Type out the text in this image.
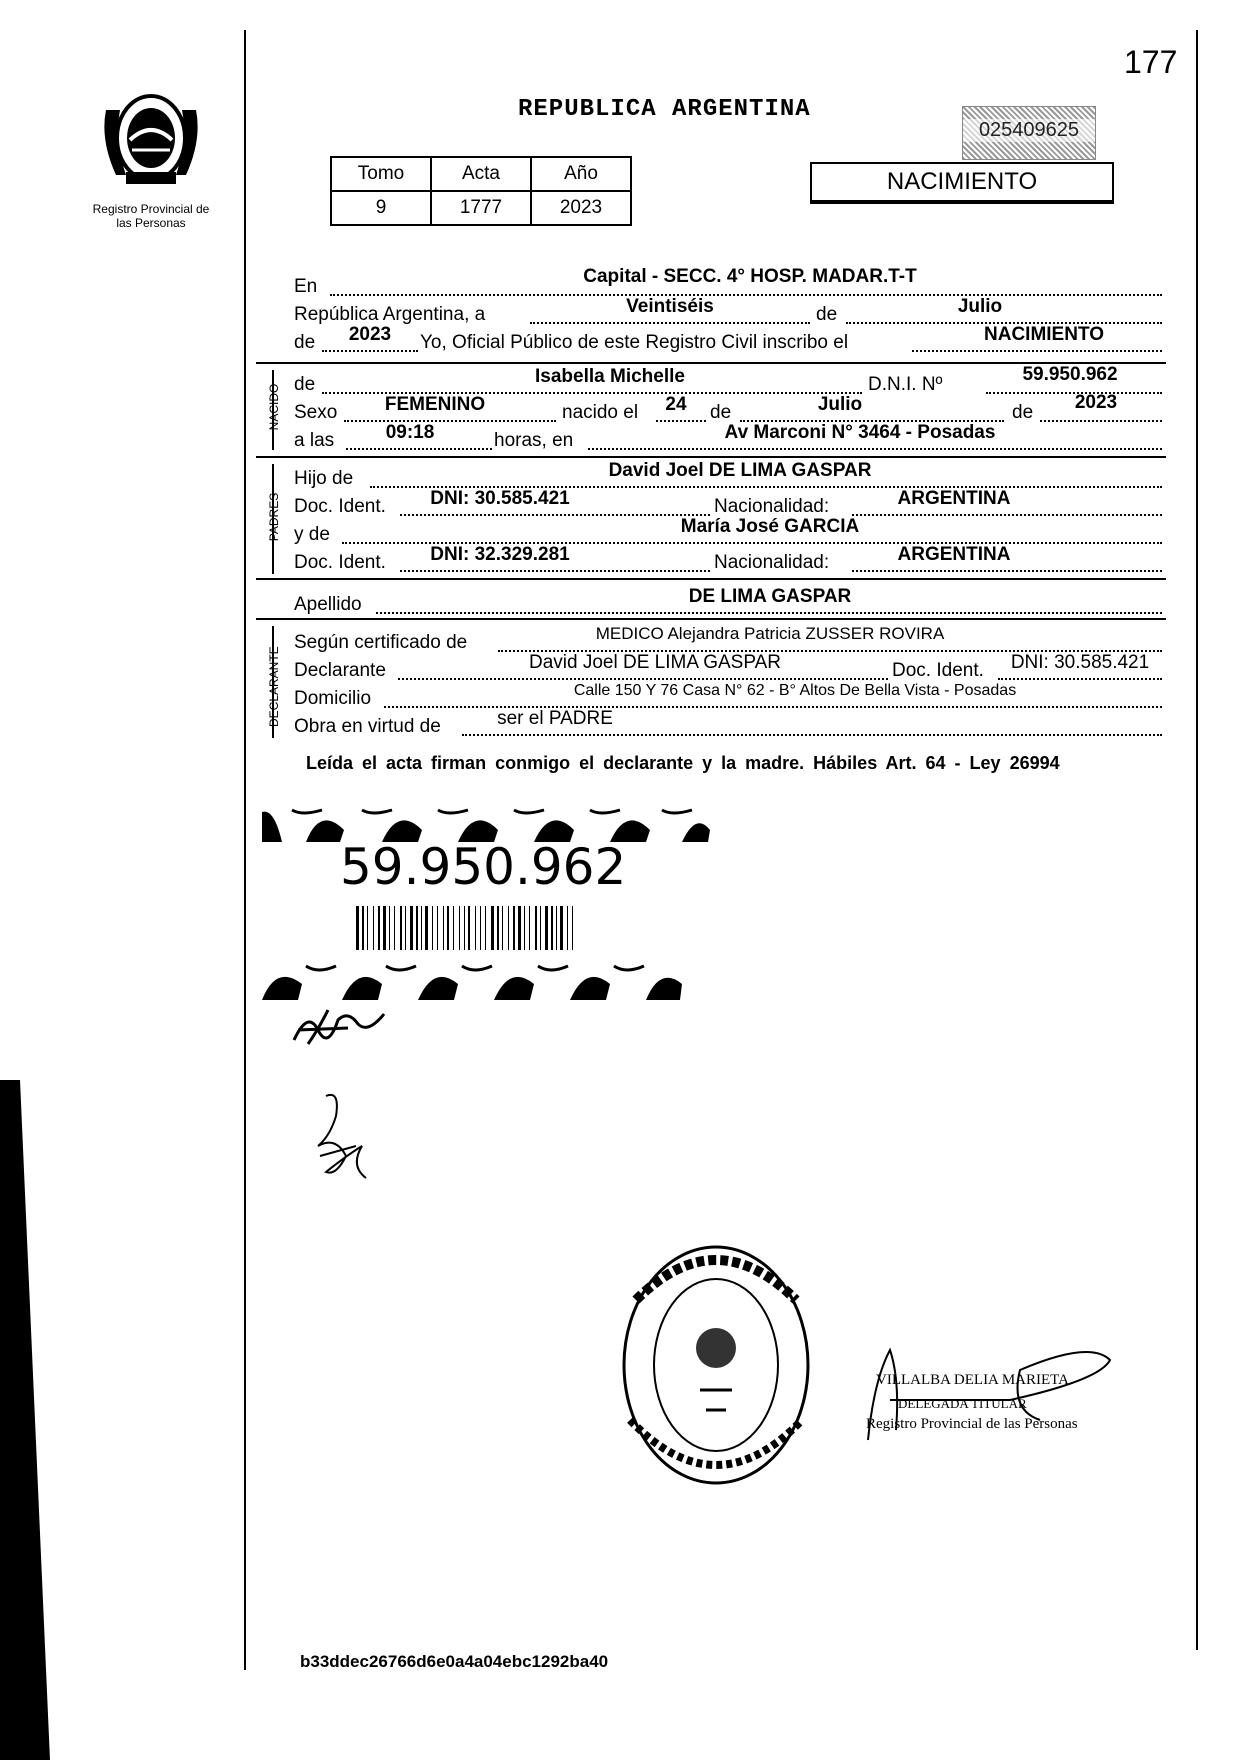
177
Registro Provincial de las Personas
REPUBLICA ARGENTINA
025409625
Tomo	Acta	Año
9	1777	2023
NACIMIENTO
En	Capital - SECC. 4° HOSP. MADAR.T-T
República Argentina, a	Veintiséis	de	Julio
de	2023	Yo, Oficial Público de este Registro Civil inscribo el	NACIMIENTO
NACIDO de	Isabella Michelle	D.N.I. Nº	59.950.962
Sexo	FEMENINO	nacido el	24	de	Julio	de	2023
a las	09:18	horas, en	Av Marconi N° 3464 - Posadas
PADRES
Hijo de	David Joel DE LIMA GASPAR
Doc. Ident.	DNI: 30.585.421	Nacionalidad:	ARGENTINA
y de	María José GARCIA
Doc. Ident.	DNI: 32.329.281	Nacionalidad:	ARGENTINA
Apellido	DE LIMA GASPAR
DECLARANTE
Según certificado de	MEDICO Alejandra Patricia ZUSSER ROVIRA
Declarante	David Joel DE LIMA GASPAR	Doc. Ident.	DNI: 30.585.421
Domicilio	Calle 150 Y 76 Casa N° 62 - B° Altos De Bella Vista - Posadas
Obra en virtud de	ser el PADRE
Leída el acta firman conmigo el declarante y la madre. Hábiles Art. 64 - Ley 26994
59.950.962
VILLALBA DELIA MARIETA
DELEGADA TITULAR
Registro Provincial de las Personas
b33ddec26766d6e0a4a04ebc1292ba40
